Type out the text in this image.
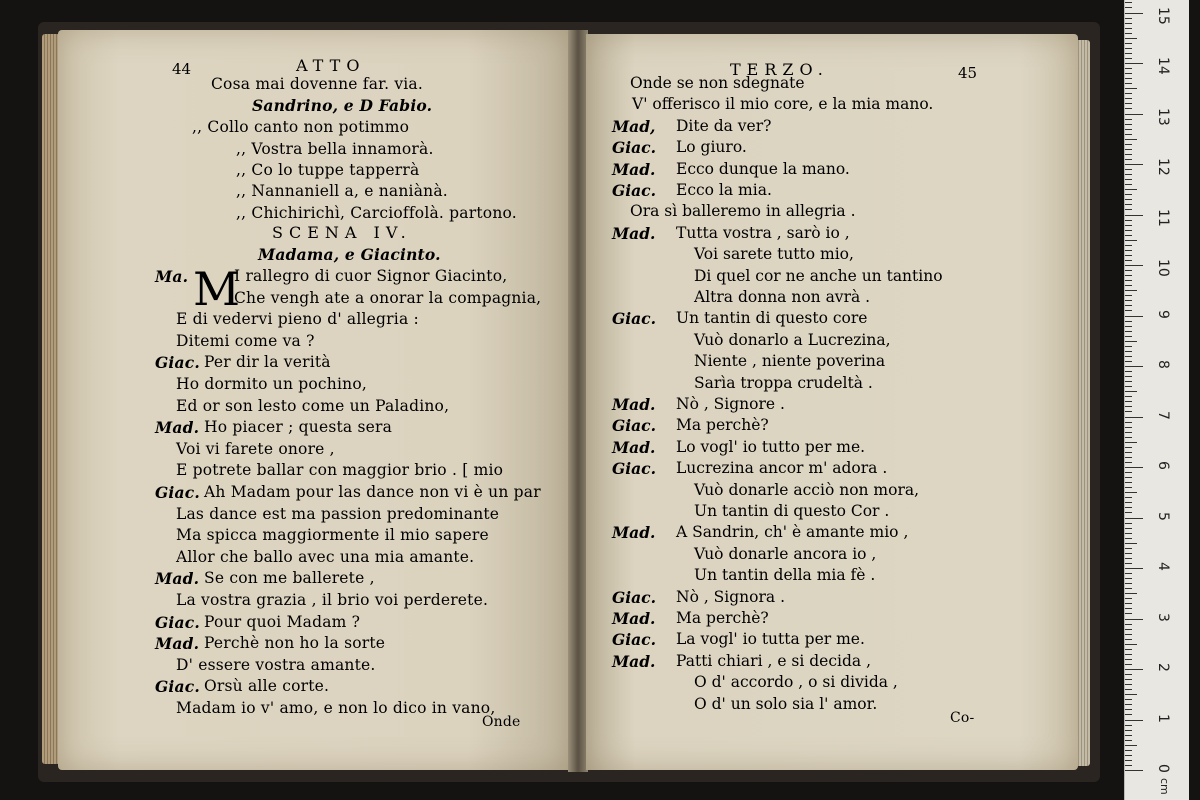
44	ATTO
Cosa mai dovenne far. via.
Sandrino, e D Fabio.
,, Collo canto non potimmo
,, Vostra bella innamorà.
,, Co lo tuppe tapperrà
,, Nannaniell a, e naniànà.
,, Chichirichì, Carcioffolà. partono.
SCENA IV.
Madama, e Giacinto.
M
Ma.	I rallegro di cuor Signor Giacinto,
Che vengh ate a onorar la compagnia,
E di vedervi pieno d' allegria :
Ditemi come va ?
Giac. Per dir la verità
Ho dormito un pochino,
Ed or son lesto come un Paladino,
Mad. Ho piacer ; questa sera
Voi vi farete onore ,
E potrete ballar con maggior brio . [ mio
Giac. Ah Madam pour las dance non vi è un par
Las dance est ma passion predominante
Ma spicca maggiormente il mio sapere
Allor che ballo avec una mia amante.
Mad. Se con me ballerete ,
La vostra grazia , il brio voi perderete.
Giac. Pour quoi Madam ?
Mad. Perchè non ho la sorte
D' essere vostra amante.
Giac. Orsù alle corte.
Madam io v' amo, e non lo dico in vano,
Onde
TERZO.	45
Onde se non sdegnate
V' offerisco il mio core, e la mia mano.
Mad, Dite da ver?
Giac. Lo giuro.
Mad. Ecco dunque la mano.
Giac. Ecco la mia.
Ora sì balleremo in allegria .
Mad. Tutta vostra , sarò io ,
Voi sarete tutto mio,
Di quel cor ne anche un tantino
Altra donna non avrà .
Giac. Un tantin di questo core
Vuò donarlo a Lucrezina,
Niente , niente poverina
Sarìa troppa crudeltà .
Mad. Nò , Signore .
Giac. Ma perchè?
Mad. Lo vogl' io tutto per me.
Giac. Lucrezina ancor m' adora .
Vuò donarle acciò non mora,
Un tantin di questo Cor .
Mad. A Sandrin, ch' è amante mio ,
Vuò donarle ancora io ,
Un tantin della mia fè .
Giac. Nò , Signora .
Mad. Ma perchè?
Giac. La vogl' io tutta per me.
Mad. Patti chiari , e si decida ,
O d' accordo , o si divida ,
O d' un solo sia l' amor.
Co-
0
1
2
3
4
5
6
7
8
9
10
11
12
13
14
15
cm
